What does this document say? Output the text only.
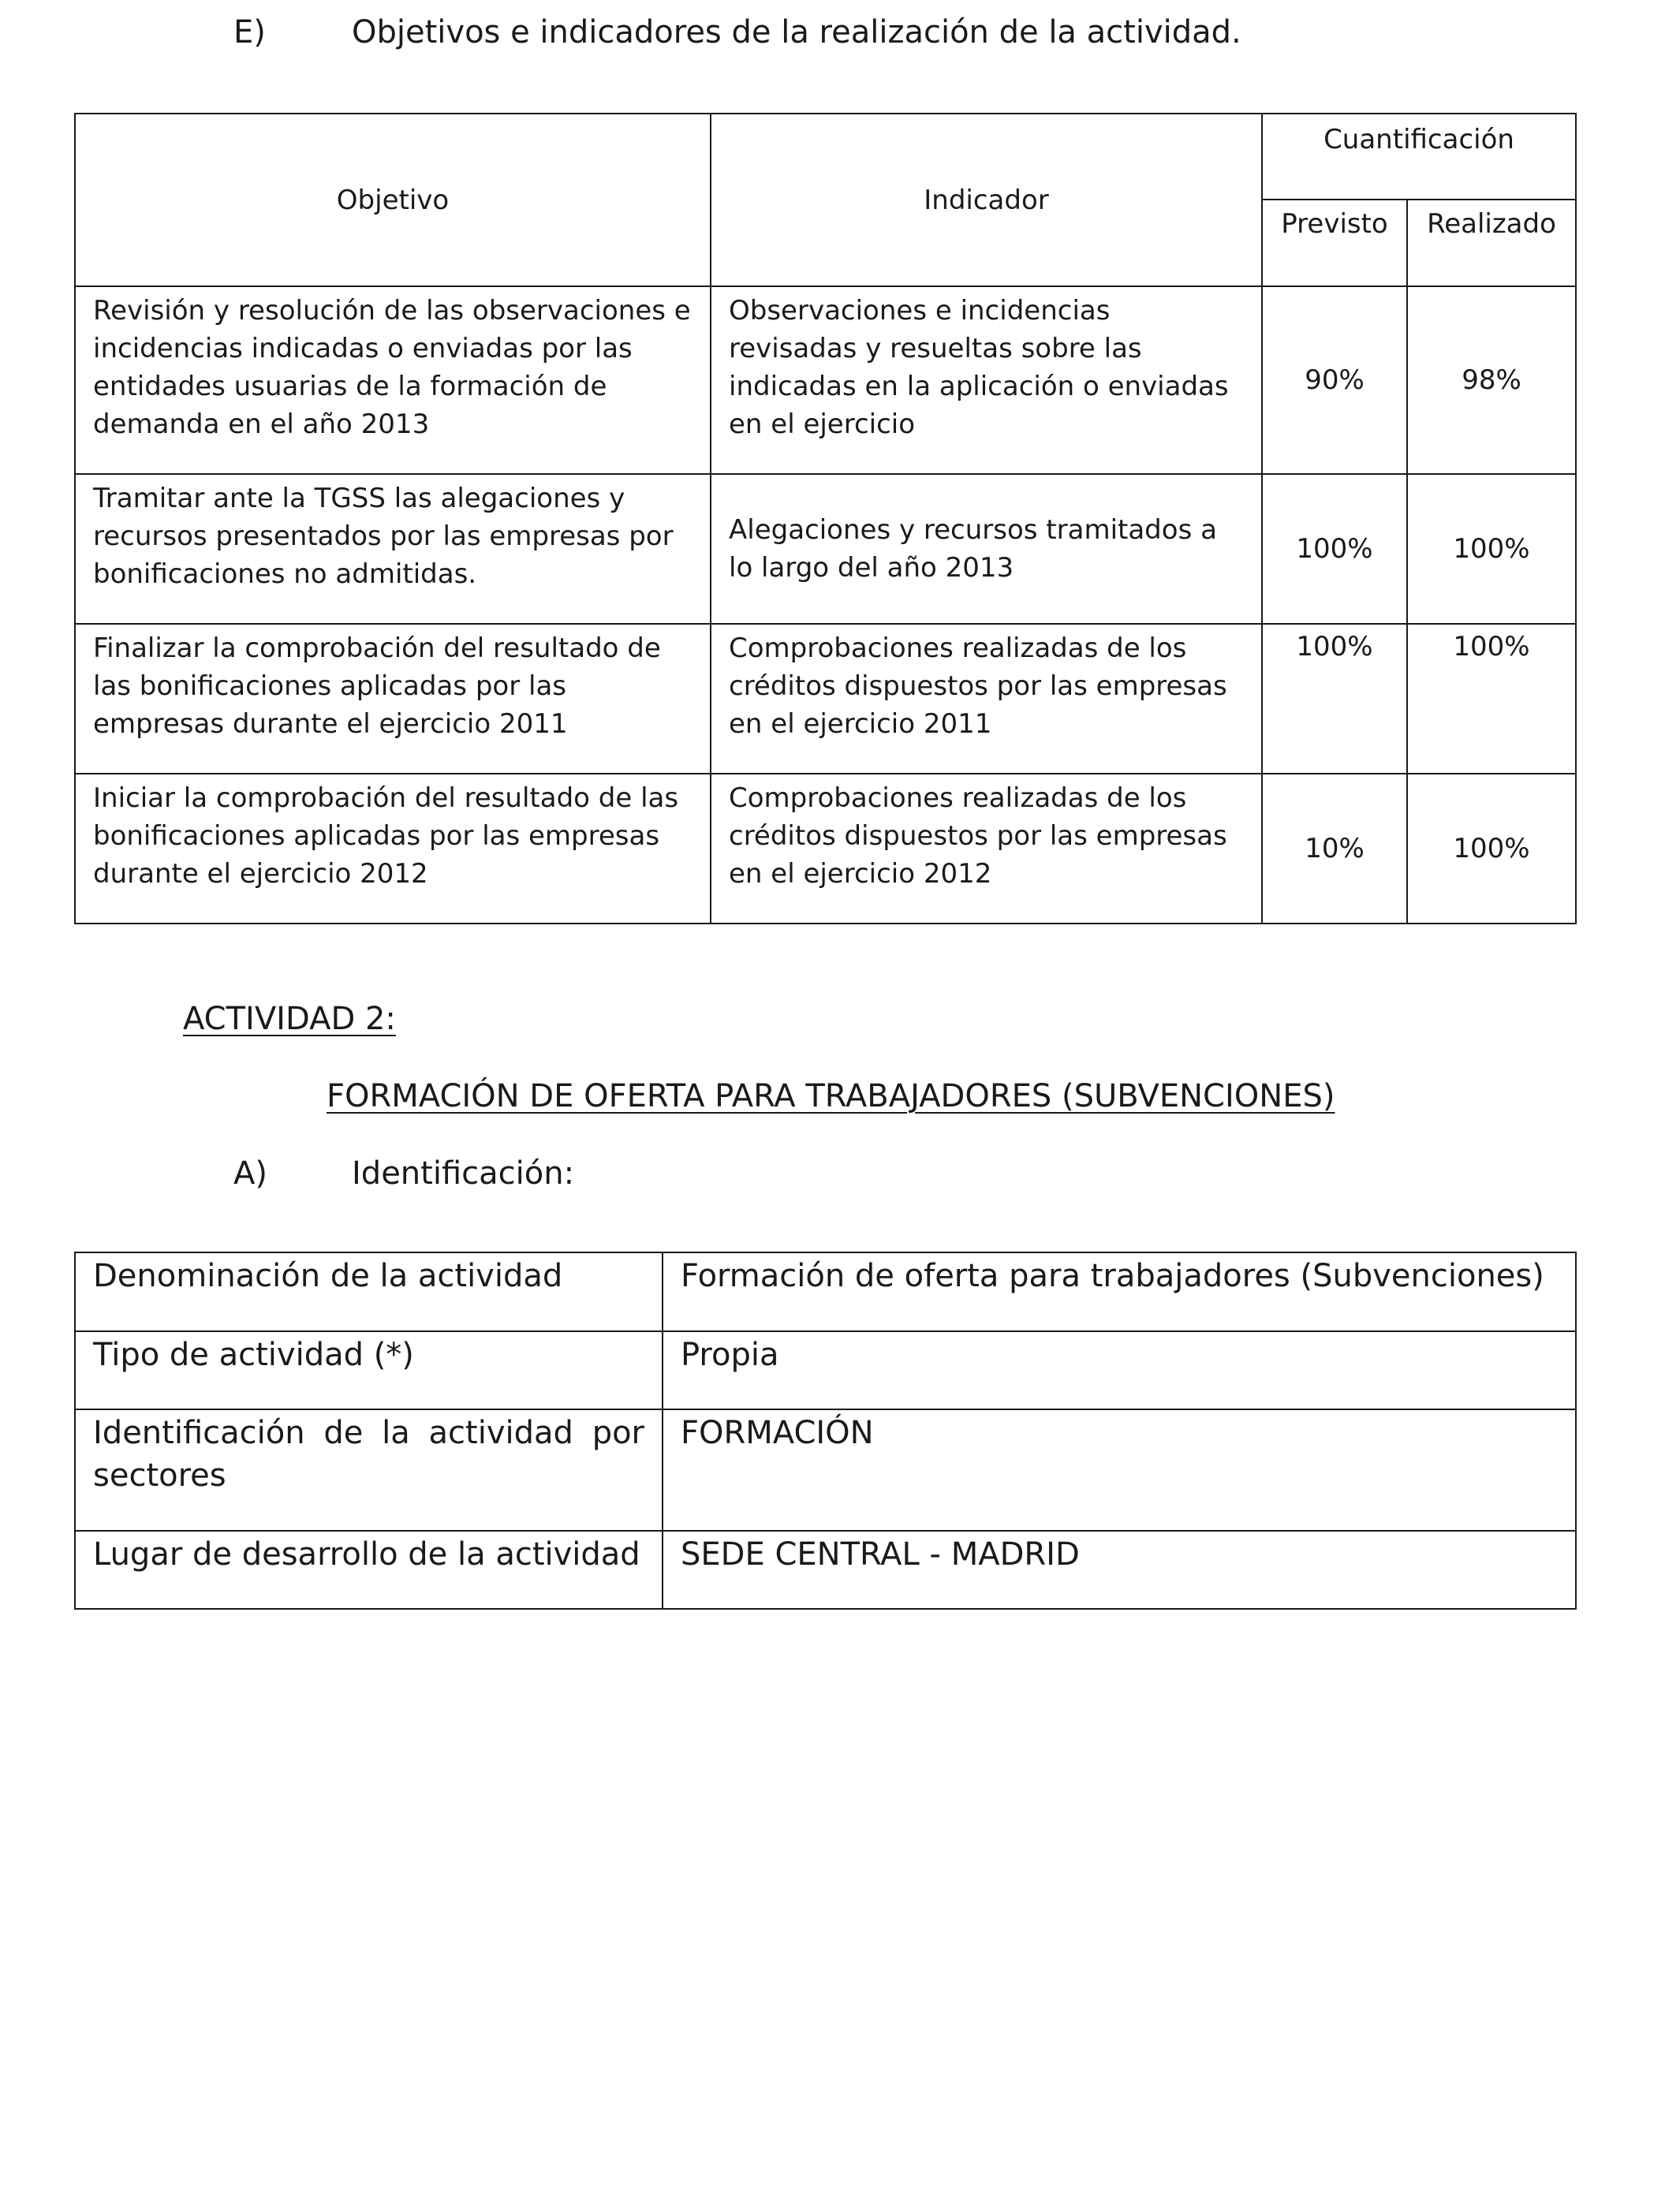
E)	Objetivos e indicadores de la realización de la actividad.
Objetivo	Indicador	Cuantificación	
		Previsto	Realizado
Revisión y resolución de las observaciones e incidencias indicadas o enviadas por las entidades usuarias de la formación de demanda en el año 2013	Observaciones e incidencias revisadas y resueltas sobre las indicadas en la aplicación o enviadas en el ejercicio	90%	98%
Tramitar ante la TGSS las alegaciones y recursos presentados por las empresas por bonificaciones no admitidas.	Alegaciones y recursos tramitados a lo largo del año 2013	100%	100%
Finalizar la comprobación del resultado de las bonificaciones aplicadas por las empresas durante el ejercicio 2011	Comprobaciones realizadas de los créditos dispuestos por las empresas en el ejercicio 2011	100%	100%
Iniciar la comprobación del resultado de las bonificaciones aplicadas por las empresas durante el ejercicio 2012	Comprobaciones realizadas de los créditos dispuestos por las empresas en el ejercicio 2012	10%	100%
ACTIVIDAD 2:
FORMACIÓN DE OFERTA PARA TRABAJADORES (SUBVENCIONES)
A)	Identificación:
Denominación de la actividad	Formación de oferta para trabajadores (Subvenciones)
Tipo de actividad (*)	Propia
Identificación de la actividad por sectores	FORMACIÓN
Lugar de desarrollo de la actividad	SEDE CENTRAL - MADRID
